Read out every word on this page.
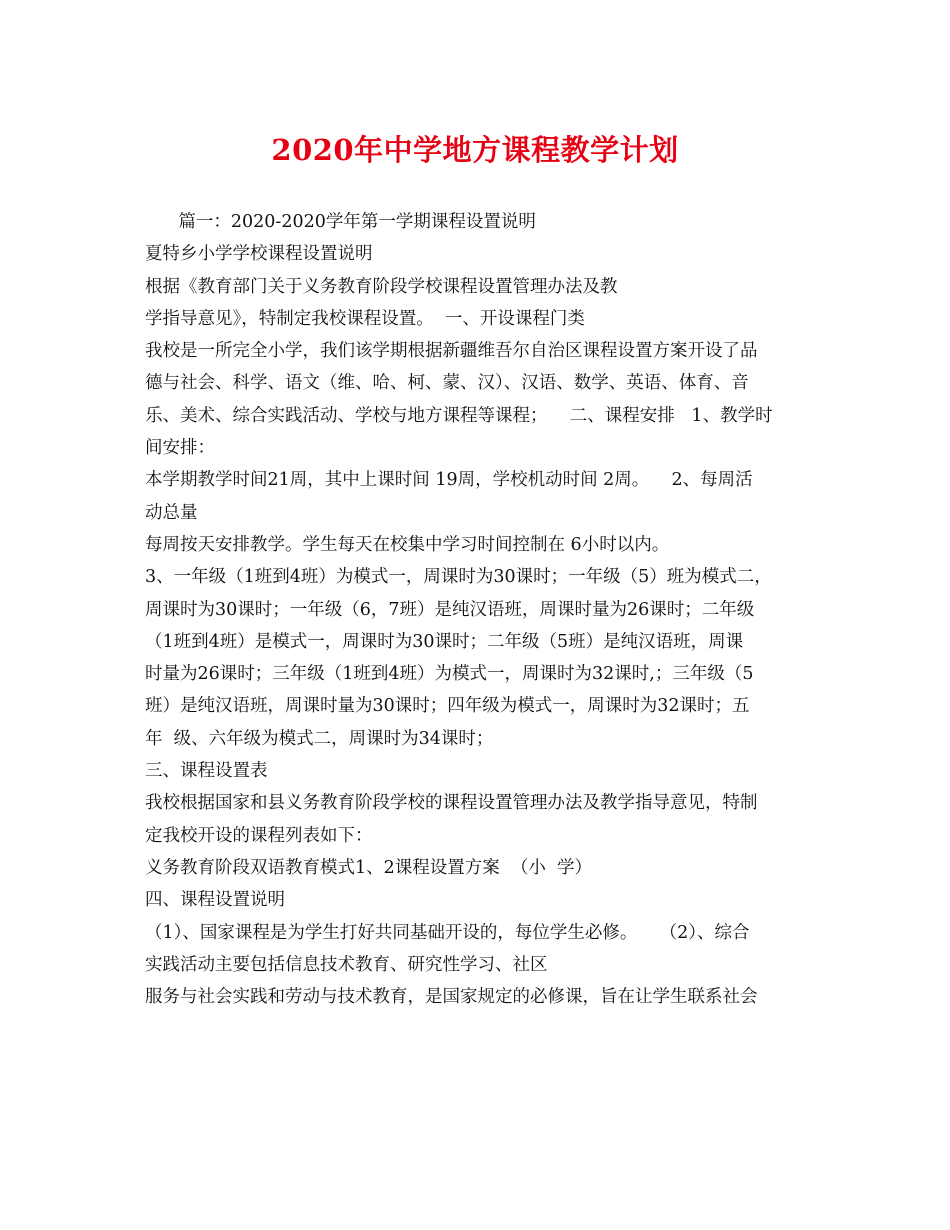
2020年中学地方课程教学计划
篇一：2020-2020学年第一学期课程设置说明
夏特乡小学学校课程设置说明
根据《教育部门关于义务教育阶段学校课程设置管理办法及教
学指导意见》，特制定我校课程设置。  一、开设课程门类
我校是一所完全小学，我们该学期根据新疆维吾尔自治区课程设置方案开设了品
德与社会、科学、语文（维、哈、柯、蒙、汉）、汉语、数学、英语、体育、音
乐、美术、综合实践活动、学校与地方课程等课程；    二、课程安排   1、教学时
间安排：
本学期教学时间21周，其中上课时间 19周，学校机动时间 2周。    2、每周活
动总量
每周按天安排教学。学生每天在校集中学习时间控制在 6小时以内。
3、一年级（1班到4班）为模式一，周课时为30课时；一年级（5）班为模式二，
周课时为30课时；一年级（6，7班）是纯汉语班，周课时量为26课时；二年级
（1班到4班）是模式一，周课时为30课时；二年级（5班）是纯汉语班，周课
时量为26课时；三年级（1班到4班）为模式一，周课时为32课时,；三年级（5
班）是纯汉语班，周课时量为30课时；四年级为模式一，周课时为32课时；五
年  级、六年级为模式二，周课时为34课时；
三、课程设置表
我校根据国家和县义务教育阶段学校的课程设置管理办法及教学指导意见，特制
定我校开设的课程列表如下：
义务教育阶段双语教育模式1、2课程设置方案  （小  学）
四、课程设置说明
（1）、国家课程是为学生打好共同基础开设的，每位学生必修。    （2）、综合
实践活动主要包括信息技术教育、研究性学习、社区
服务与社会实践和劳动与技术教育，是国家规定的必修课，旨在让学生联系社会
